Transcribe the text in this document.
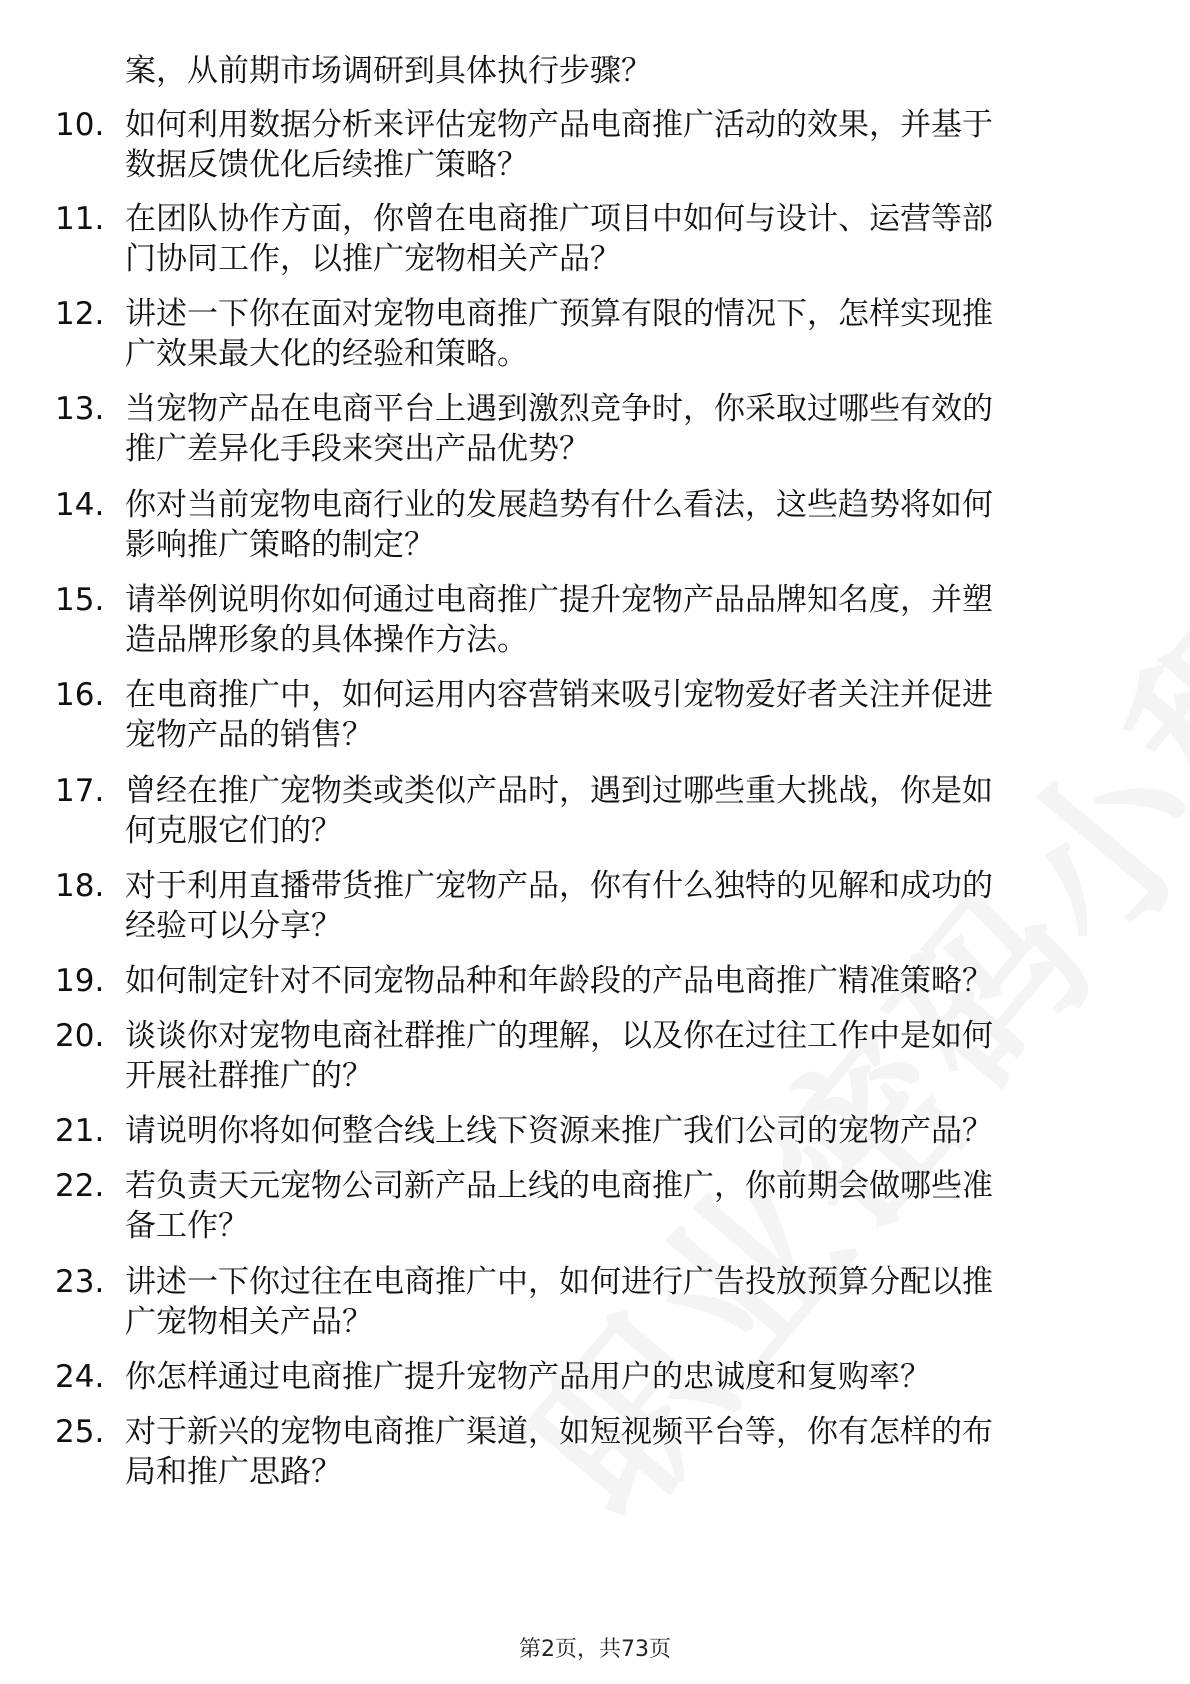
案，从前期市场调研到具体执行步骤？
10. 如何利用数据分析来评估宠物产品电商推广活动的效果，并基于
数据反馈优化后续推广策略？
11. 在团队协作方面，你曾在电商推广项目中如何与设计、运营等部
门协同工作，以推广宠物相关产品？
12. 讲述一下你在面对宠物电商推广预算有限的情况下，怎样实现推
广效果最大化的经验和策略。
13. 当宠物产品在电商平台上遇到激烈竞争时，你采取过哪些有效的
推广差异化手段来突出产品优势？
14. 你对当前宠物电商行业的发展趋势有什么看法，这些趋势将如何
影响推广策略的制定？
15. 请举例说明你如何通过电商推广提升宠物产品品牌知名度，并塑
造品牌形象的具体操作方法。
16. 在电商推广中，如何运用内容营销来吸引宠物爱好者关注并促进
宠物产品的销售？
17. 曾经在推广宠物类或类似产品时，遇到过哪些重大挑战，你是如
何克服它们的？
18. 对于利用直播带货推广宠物产品，你有什么独特的见解和成功的
经验可以分享？
19. 如何制定针对不同宠物品种和年龄段的产品电商推广精准策略？
20. 谈谈你对宠物电商社群推广的理解，以及你在过往工作中是如何
开展社群推广的？
21. 请说明你将如何整合线上线下资源来推广我们公司的宠物产品？
22. 若负责天元宠物公司新产品上线的电商推广，你前期会做哪些准
备工作？
23. 讲述一下你过往在电商推广中，如何进行广告投放预算分配以推
广宠物相关产品？
24. 你怎样通过电商推广提升宠物产品用户的忠诚度和复购率？
25. 对于新兴的宠物电商推广渠道，如短视频平台等，你有怎样的布
局和推广思路？
第2页，共73页
